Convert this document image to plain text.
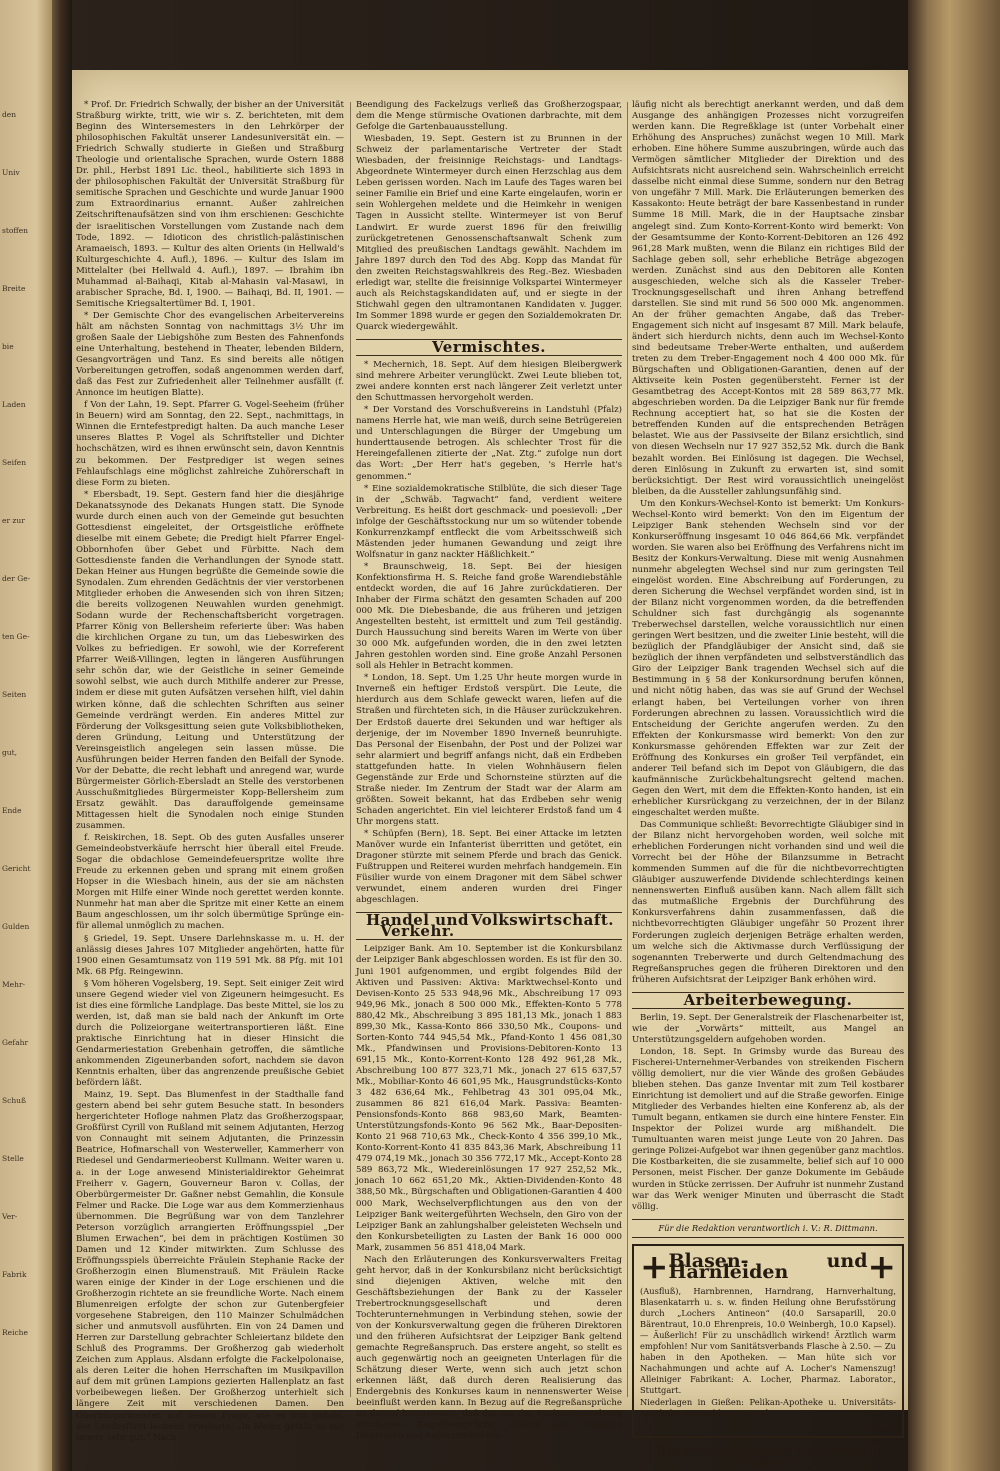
den
Univ
stoffen
Breite
bie
Laden
Seifen
er zur
der Ge-
ten Ge-
Seiten
gut,
Ende
Gericht
Gulden
Mehr-
Gefahr
Schuß
Stelle
Ver-
Fabrik
Reiche

* Prof. Dr. Friedrich Schwally, der bisher an der Universität Straßburg wirkte, tritt, wie wir s. Z. berichteten, mit dem Beginn des Wintersemesters in den Lehrkörper der philosophischen Fakultät unserer Landesuniversität ein. — Friedrich Schwally studierte in Gießen und Straßburg Theologie und orientalische Sprachen, wurde Ostern 1888 Dr. phil., Herbst 1891 Lic. theol., habilitierte sich 1893 in der philosophischen Fakultät der Universität Straßburg für semitische Sprachen und Geschichte und wurde Januar 1900 zum Extraordinarius ernannt. Außer zahlreichen Zeitschriftenaufsätzen sind von ihm erschienen: Geschichte der israelitischen Vorstellungen vom Zustande nach dem Tode, 1892. — Idioticon des christlich-palästinischen Aramaeisch, 1893. — Kultur des alten Orients (in Hellwald's Kulturgeschichte 4. Aufl.), 1896. — Kultur des Islam im Mittelalter (bei Hellwald 4. Aufl.), 1897. — Ibrahim ibn Muhammad al-Baihaqi, Kitab al-Mahasin val-Masawi, in arabischer Sprache, Bd. I, 1900. — Baihaqi, Bd. II, 1901. — Semitische Kriegsaltertümer Bd. I, 1901.

* Der Gemischte Chor des evangelischen Arbeitervereins hält am nächsten Sonntag von nachmittags 3½ Uhr im großen Saale der Liebigshöhe zum Besten des Fahnenfonds eine Unterhaltung, bestehend in Theater, lebenden Bildern, Gesangvorträgen und Tanz. Es sind bereits alle nötigen Vorbereitungen getroffen, sodaß angenommen werden darf, daß das Fest zur Zufriedenheit aller Teilnehmer ausfällt (f. Annonce im heutigen Blatte).

f Von der Lahn, 19. Sept. Pfarrer G. Vogel-Seeheim (früher in Beuern) wird am Sonntag, den 22. Sept., nachmittags, in Winnen die Erntefestpredigt halten. Da auch manche Leser unseres Blattes P. Vogel als Schriftsteller und Dichter hochschätzen, wird es ihnen erwünscht sein, davon Kenntnis zu bekommen. Der Festprediger ist wegen seines Fehlaufschlags eine möglichst zahlreiche Zuhörerschaft in diese Form zu bieten.

* Ebersbadt, 19. Sept. Gestern fand hier die diesjährige Dekanatssynode des Dekanats Hungen statt. Die Synode wurde durch einen auch von der Gemeinde gut besuchten Gottesdienst eingeleitet, der Ortsgeistliche eröffnete dieselbe mit einem Gebete; die Predigt hielt Pfarrer Engel-Obbornhofen über Gebet und Fürbitte. Nach dem Gottesdienste fanden die Verhandlungen der Synode statt. Dekan Heiner aus Hungen begrüßte die Gemeinde sowie die Synodalen. Zum ehrenden Gedächtnis der vier verstorbenen Mitglieder erhoben die Anwesenden sich von ihren Sitzen; die bereits vollzogenen Neuwahlen wurden genehmigt. Sodann wurde der Rechenschaftsbericht vorgetragen. Pfarrer König von Bellersheim referierte über: Was haben die kirchlichen Organe zu tun, um das Liebeswirken des Volkes zu befriedigen. Er sowohl, wie der Korreferent Pfarrer Weiß-Villingen, legten in längeren Ausführungen sehr schön dar, wie der Geistliche in seiner Gemeinde sowohl selbst, wie auch durch Mithilfe anderer zur Presse, indem er diese mit guten Aufsätzen versehen hilft, viel dahin wirken könne, daß die schlechten Schriften aus seiner Gemeinde verdrängt werden. Ein anderes Mittel zur Förderung der Volksgesittung seien gute Volksbibliotheken, deren Gründung, Leitung und Unterstützung der Vereinsgeistlich angelegen sein lassen müsse. Die Ausführungen beider Herren fanden den Beifall der Synode. Vor der Debatte, die recht lebhaft und anregend war, wurde Bürgermeister Görlich-Ebersladt an Stelle des verstorbenen Ausschußmitgliedes Bürgermeister Kopp-Bellersheim zum Ersatz gewählt. Das darauffolgende gemeinsame Mittagessen hielt die Synodalen noch einige Stunden zusammen.

f. Reiskirchen, 18. Sept. Ob des guten Ausfalles unserer Gemeindeobstverkäufe herrscht hier überall eitel Freude. Sogar die obdachlose Gemeindefeuerspritze wollte ihre Freude zu erkennen geben und sprang mit einem großen Hopser in die Wiesbach hinein, aus der sie am nächsten Morgen mit Hilfe einer Winde noch gerettet werden konnte. Nunmehr hat man aber die Spritze mit einer Kette an einem Baum angeschlossen, um ihr solch übermütige Sprünge ein- für allemal unmöglich zu machen.

§ Griedel, 19. Sept. Unsere Darlehnskasse m. u. H. der anlässig dieses Jahres 107 Mitglieder angehörten, hatte für 1900 einen Gesamtumsatz von 119 591 Mk. 88 Pfg. mit 101 Mk. 68 Pfg. Reingewinn.

§ Vom höheren Vogelsberg, 19. Sept. Seit einiger Zeit wird unsere Gegend wieder viel von Zigeunern heimgesucht. Es ist dies eine förmliche Landplage. Das beste Mittel, sie los zu werden, ist, daß man sie bald nach der Ankunft im Orte durch die Polizeiorgane weitertransportieren läßt. Eine praktische Einrichtung hat in dieser Hinsicht die Gendarmeriestation Grebenhain getroffen, die sämtliche ankommenden Zigeunerbanden sofort, nachdem sie davon Kenntnis erhalten, über das angrenzende preußische Gebiet befördern läßt.

Mainz, 19. Sept. Das Blumenfest in der Stadthalle fand gestern abend bei sehr gutem Besuche statt. In besonders hergerichteter Hofloge nahmen Platz das Großherzogspaar, Großfürst Cyrill von Rußland mit seinem Adjutanten, Herzog von Connaught mit seinem Adjutanten, die Prinzessin Beatrice, Hofmarschall von Westerweller, Kammerherr von Riedesel und Gendarmerieoberst Kullmann. Weiter waren u. a. in der Loge anwesend Ministerialdirektor Geheimrat Freiherr v. Gagern, Gouverneur Baron v. Collas, der Oberbürgermeister Dr. Gaßner nebst Gemahlin, die Konsule Felmer und Racke. Die Loge war aus dem Kommerzienhaus übernommen. Die Begrüßung war von dem Tanzlehrer Peterson vorzüglich arrangierten Eröffnungsspiel „Der Blumen Erwachen“, bei dem in prächtigen Kostümen 30 Damen und 12 Kinder mitwirkten. Zum Schlusse des Eröffnungsspiels überreichte Fräulein Stephanie Racke der Großherzogin einen Blumenstrauß. Mit Fräulein Racke waren einige der Kinder in der Loge erschienen und die Großherzogin richtete an sie freundliche Worte. Nach einem Blumenreigen erfolgte der schon zur Gutenbergfeier vorgesehene Stabreigen, den 110 Mainzer Schulmädchen sicher und anmutsvoll ausführten. Ein von 24 Damen und Herren zur Darstellung gebrachter Schleiertanz bildete den Schluß des Programms. Der Großherzog gab wiederholt Zeichen zum Applaus. Alsdann erfolgte die Fackelpolonaise, als deren Leiter die hohen Herrschaften im Musikpavillon auf dem mit grünen Lampions gezierten Hallenplatz an fast vorbeibewegen ließen. Der Großherzog unterhielt sich längere Zeit mit verschiedenen Damen. Den Oberbürgermeister, auf dessen Frage, wie es ihm gefiele, der Landesfürst lachend erwiderte: „In Mainz gefällt es mir immer sehr gut.“ Nach

Beendigung des Fackelzugs verließ das Großherzogspaar, dem die Menge stürmische Ovationen darbrachte, mit dem Gefolge die Gartenbauausstellung.

Wiesbaden, 19. Sept. Gestern ist zu Brunnen in der Schweiz der parlamentarische Vertreter der Stadt Wiesbaden, der freisinnige Reichstags- und Landtags-Abgeordnete Wintermeyer durch einen Herzschlag aus dem Leben gerissen worden. Nach im Laufe des Tages waren bei seiner Familie ein Brief und eine Karte eingelaufen, worin er sein Wohlergehen meldete und die Heimkehr in wenigen Tagen in Aussicht stellte. Wintermeyer ist von Beruf Landwirt. Er wurde zuerst 1896 für den freiwillig zurückgetretenen Genossenschaftsanwalt Schenk zum Mitglied des preußischen Landtags gewählt. Nachdem im Jahre 1897 durch den Tod des Abg. Kopp das Mandat für den zweiten Reichstagswahlkreis des Reg.-Bez. Wiesbaden erledigt war, stellte die freisinnige Volkspartei Wintermeyer auch als Reichstagskandidaten auf, und er siegte in der Stichwahl gegen den ultramontanen Kandidaten v. Jugger. Im Sommer 1898 wurde er gegen den Sozialdemokraten Dr. Quarck wiedergewählt.

Vermischtes.

* Mechernich, 18. Sept. Auf dem hiesigen Bleibergwerk sind mehrere Arbeiter verunglückt. Zwei Leute blieben tot, zwei andere konnten erst nach längerer Zeit verletzt unter den Schuttmassen hervorgeholt werden.

* Der Vorstand des Vorschußvereins in Landstuhl (Pfalz) namens Herrle hat, wie man weiß, durch seine Betrügereien und Unterschlagungen die Bürger der Umgebung um hunderttausende betrogen. Als schlechter Trost für die Hereingefallenen zitierte der „Nat. Ztg.“ zufolge nun dort das Wort: „Der Herr hat's gegeben, 's Herrle hat's genommen.“

* Eine sozialdemokratische Stilblüte, die sich dieser Tage in der „Schwäb. Tagwacht“ fand, verdient weitere Verbreitung. Es heißt dort geschmack- und poesievoll: „Der infolge der Geschäftsstockung nur um so wütender tobende Konkurrenzkampf entfleckt die vom Arbeitsschweiß sich Mästenden jeder humanen Gewandung und zeigt ihre Wolfsnatur in ganz nackter Häßlichkeit.“

* Braunschweig, 18. Sept. Bei der hiesigen Konfektionsfirma H. S. Reiche fand große Warendiebstähle entdeckt worden, die auf 16 Jahre zurückdatieren. Der Inhaber der Firma schätzt den gesamten Schaden auf 200 000 Mk. Die Diebesbande, die aus früheren und jetzigen Angestellten besteht, ist ermittelt und zum Teil geständig. Durch Haussuchung sind bereits Waren im Werte von über 30 000 Mk. aufgefunden worden, die in den zwei letzten Jahren gestohlen worden sind. Eine große Anzahl Personen soll als Hehler in Betracht kommen.

* London, 18. Sept. Um 1.25 Uhr heute morgen wurde in Inverneß ein heftiger Erdstoß verspürt. Die Leute, die hierdurch aus dem Schlafe geweckt waren, liefen auf die Straßen und fürchteten sich, in die Häuser zurückzukehren. Der Erdstoß dauerte drei Sekunden und war heftiger als derjenige, der im November 1890 Inverneß beunruhigte. Das Personal der Eisenbahn, der Post und der Polizei war sehr alarmiert und begriff anfangs nicht, daß ein Erdbeben stattgefunden hatte. In vielen Wohnhäusern fielen Gegenstände zur Erde und Schornsteine stürzten auf die Straße nieder. Im Zentrum der Stadt war der Alarm am größten. Soweit bekannt, hat das Erdbeben sehr wenig Schaden angerichtet. Ein viel leichterer Erdstoß fand um 4 Uhr morgens statt.

* Schüpfen (Bern), 18. Sept. Bei einer Attacke im letzten Manöver wurde ein Infanterist überritten und getötet, ein Dragoner stürzte mit seinem Pferde und brach das Genick. Fußtruppen und Reiterei wurden mehrfach handgemein. Ein Füsilier wurde von einem Dragoner mit dem Säbel schwer verwundet, einem anderen wurden drei Finger abgeschlagen.

Handel und Verkehr.
Volkswirtschaft.

Leipziger Bank. Am 10. September ist die Konkursbilanz der Leipziger Bank abgeschlossen worden. Es ist für den 30. Juni 1901 aufgenommen, und ergibt folgendes Bild der Aktiven und Passiven: Aktiva: Marktwechsel-Konto und Devisen-Konto 25 533 948,96 Mk., Abschreibung 17 093 949,96 Mk., jonach 8 500 000 Mk., Effekten-Konto 5 778 880,42 Mk., Abschreibung 3 895 181,13 Mk., jonach 1 883 899,30 Mk., Kassa-Konto 866 330,50 Mk., Coupons- und Sorten-Konto 744 945,54 Mk., Pfand-Konto 1 456 081,30 Mk., Pfandwinsen und Provisions-Debitoren-Konto 13 691,15 Mk., Konto-Korrent-Konto 128 492 961,28 Mk., Abschreibung 100 877 323,71 Mk., jonach 27 615 637,57 Mk., Mobiliar-Konto 46 601,95 Mk., Hausgrundstücks-Konto 3 482 636,64 Mk., Fehlbetrag 43 301 095,04 Mk., zusammen 86 821 616,04 Mark. Passiva: Beamten-Pensionsfonds-Konto 868 983,60 Mark, Beamten-Unterstützungsfonds-Konto 96 562 Mk., Baar-Depositen-Konto 21 968 710,63 Mk., Check-Konto 4 356 399,10 Mk., Konto-Korrent-Konto 41 835 843,36 Mark, Abschreibung 11 479 074,19 Mk., jonach 30 356 772,17 Mk., Accept-Konto 28 589 863,72 Mk., Wiedereinlösungen 17 927 252,52 Mk., jonach 10 662 651,20 Mk., Aktien-Dividenden-Konto 48 388,50 Mk., Bürgschaften und Obligationen-Garantien 4 400 000 Mark, Wechselverpflichtungen aus den von der Leipziger Bank weitergeführten Wechseln, den Giro von der Leipziger Bank an zahlungshalber geleisteten Wechseln und den Konkursbeteiligten zu Lasten der Bank 16 000 000 Mark, zusammen 56 851 418,04 Mark.

Nach den Erläuterungen des Konkursverwalters Freitag geht hervor, daß in der Konkursbilanz nicht berücksichtigt sind diejenigen Aktiven, welche mit den Geschäftsbeziehungen der Bank zu der Kasseler Trebertrocknungsgesellschaft und deren Tochterunternehmungen in Verbindung stehen, sowie der von der Konkursverwaltung gegen die früheren Direktoren und den früheren Aufsichtsrat der Leipziger Bank geltend gemachte Regreßanspruch. Das erstere angeht, so stellt es auch gegenwärtig noch an geeigneten Unterlagen für die Schätzung dieser Werte, wenn sich auch jetzt schon erkennen läßt, daß durch deren Realisierung das Endergebnis des Konkurses kaum in nennenswerter Weise beeinflußt werden kann. In Bezug auf die Regreßansprüche ist darauf hinzuweisen, daß die von der Konkursverwaltung erhobenen Regreßansprüche seitens der früheren Direktoren und Aufsichtsräte vor-

läufig nicht als berechtigt anerkannt werden, und daß dem Ausgange des anhängigen Prozesses nicht vorzugreifen werden kann. Die Regreßklage ist (unter Vorbehalt einer Erhöhung des Anspruches) zunächst wegen 10 Mill. Mark erhoben. Eine höhere Summe auszubringen, würde auch das Vermögen sämtlicher Mitglieder der Direktion und des Aufsichtsrats nicht ausreichend sein. Wahrscheinlich erreicht dasselbe nicht einmal diese Summe, sondern nur den Betrag von ungefähr 7 Mill. Mark. Die Erläuterungen bemerken des Kassakonto: Heute beträgt der bare Kassenbestand in runder Summe 18 Mill. Mark, die in der Hauptsache zinsbar angelegt sind. Zum Konto-Korrent-Konto wird bemerkt: Von der Gesamtsumme der Konto-Korrent-Debitoren an 126 492 961,28 Mark mußten, wenn die Bilanz ein richtiges Bild der Sachlage geben soll, sehr erhebliche Beträge abgezogen werden. Zunächst sind aus den Debitoren alle Konten ausgeschieden, welche sich als die Kasseler Treber-Trocknungsgesellschaft und ihren Anhang betreffend darstellen. Sie sind mit rund 56 500 000 Mk. angenommen. An der früher gemachten Angabe, daß das Treber-Engagement sich nicht auf insgesamt 87 Mill. Mark belaufe, ändert sich hierdurch nichts, denn auch im Wechsel-Konto sind bedeutsame Treber-Werte enthalten, und außerdem treten zu dem Treber-Engagement noch 4 400 000 Mk. für Bürgschaften und Obligationen-Garantien, denen auf der Aktivseite kein Posten gegenübersteht. Ferner ist der Gesamtbetrag des Accept-Kontos mit 28 589 863,77 Mk. abgeschrieben worden. Da die Leipziger Bank nur für fremde Rechnung acceptiert hat, so hat sie die Kosten der betreffenden Kunden auf die entsprechenden Beträgen belastet. Wie aus der Passivseite der Bilanz ersichtlich, sind von diesen Wechseln nur 17 927 352,52 Mk. durch die Bank bezahlt worden. Bei Einlösung ist dagegen. Die Wechsel, deren Einlösung in Zukunft zu erwarten ist, sind somit berücksichtigt. Der Rest wird voraussichtlich uneingelöst bleiben, da die Aussteller zahlungsunfähig sind.

Um den Konkurs-Wechsel-Konto ist bemerkt: Um Konkurs-Wechsel-Konto wird bemerkt: Von den im Eigentum der Leipziger Bank stehenden Wechseln sind vor der Konkurseröffnung insgesamt 10 046 864,66 Mk. verpfändet worden. Sie waren also bei Eröffnung des Verfahrens nicht im Besitz der Konkurs-Verwaltung. Diese mit wenig Ausnahmen nunmehr abgelegten Wechsel sind nur zum geringsten Teil eingelöst worden. Eine Abschreibung auf Forderungen, zu deren Sicherung die Wechsel verpfändet worden sind, ist in der Bilanz nicht vorgenommen worden, da die betreffenden Schuldner sich fast durchgängig als sogenannte Treberwechsel darstellen, welche voraussichtlich nur einen geringen Wert besitzen, und die zweiter Linie besteht, will die bezüglich der Pfandgläubiger der Ansicht sind, daß sie bezüglich der ihnen verpfändeten und selbstverständlich das Giro der Leipziger Bank tragenden Wechsel sich auf die Bestimmung in § 58 der Konkursordnung berufen können, und nicht nötig haben, das was sie auf Grund der Wechsel erlangt haben, bei Verteilungen vorher von ihren Forderungen abrechnen zu lassen. Voraussichtlich wird die Entscheidung der Gerichte angerufen werden. Zu den Effekten der Konkursmasse wird bemerkt: Von den zur Konkursmasse gehörenden Effekten war zur Zeit der Eröffnung des Konkurses ein großer Teil verpfändet, ein anderer Teil befand sich im Depot von Gläubigern, die das kaufmännische Zurückbehaltungsrecht geltend machen. Gegen den Wert, mit dem die Effekten-Konto handen, ist ein erheblicher Kursrückgang zu verzeichnen, der in der Bilanz eingeschaltet werden mußte.

Das Communique schließt: Bevorrechtigte Gläubiger sind in der Bilanz nicht hervorgehoben worden, weil solche mit erheblichen Forderungen nicht vorhanden sind und weil die Vorrecht bei der Höhe der Bilanzsumme in Betracht kommenden Summen auf die für die nichtbevorrechtigten Gläubiger auszuwerfende Dividende schlechterdings keinen nennenswerten Einfluß ausüben kann. Nach allem fällt sich das mutmaßliche Ergebnis der Durchführung des Konkursverfahrens dahin zusammenfassen, daß die nichtbevorrechtigten Gläubiger ungefähr 50 Prozent ihrer Forderungen zugleich derjenigen Beträge erhalten werden, um welche sich die Aktivmasse durch Verflüssigung der sogenannten Treberwerte und durch Geltendmachung des Regreßanspruches gegen die früheren Direktoren und den früheren Aufsichtsrat der Leipziger Bank erhöhen wird.

Arbeiterbewegung.

Berlin, 19. Sept. Der Generalstreik der Flaschenarbeiter ist, wie der „Vorwärts“ mitteilt, aus Mangel an Unterstützungsgeldern aufgehoben worden.

London, 18. Sept. In Grimsby wurde das Bureau des Fischerei-Unternehmer-Verbandes von streikenden Fischern völlig demoliert, nur die vier Wände des großen Gebäudes blieben stehen. Das ganze Inventar mit zum Teil kostbarer Einrichtung ist demoliert und auf die Straße geworfen. Einige Mitglieder des Verbandes hielten eine Konferenz ab, als der Tumult begann, entkamen sie durch eine hintere Fenster. Ein Inspektor der Polizei wurde arg mißhandelt. Die Tumultuanten waren meist junge Leute von 20 Jahren. Das geringe Polizei-Aufgebot war ihnen gegenüber ganz machtlos. Die Kostbarkeiten, die sie zusammelte, belief sich auf 10 000 Personen, meist Fischer. Der ganze Dokumente im Gebäude wurden in Stücke zerrissen. Der Aufruhr ist nunmehr Zustand war das Werk weniger Minuten und überrascht die Stadt völlig.

Für die Redaktion verantwortlich i. V.: R. Dittmann.
+ Blasen- und Harnleiden	+

(Ausfluß), Harnbrennen, Harndrang, Harnverhaltung, Blasenkatarrh u. s. w. finden Heilung ohne Berufsstörung durch „Lochers Antineon“ (40.0 Sarsaparill, 20.0 Bärentraut, 10.0 Ehrenpreis, 10.0 Weinbergh, 10.0 Kapsel). — Äußerlich! Für zu unschädlich wirkend! Ärztlich warm empfohlen! Nur vom Sanitätsverbands Flasche à 2.50. — Zu haben in den Apotheken. — Man hüte sich vor Nachahmungen und achte auf A. Locher's Namenszug! Alleiniger Fabrikant: A. Locher, Pharmaz. Laborator., Stuttgart.

Niederlagen in Gießen: Pelikan-Apotheke u. Universitäts-Apotheke zum goldenen Engel.

6147

Die heutige Nummer umfaßt 10 Seiten.
